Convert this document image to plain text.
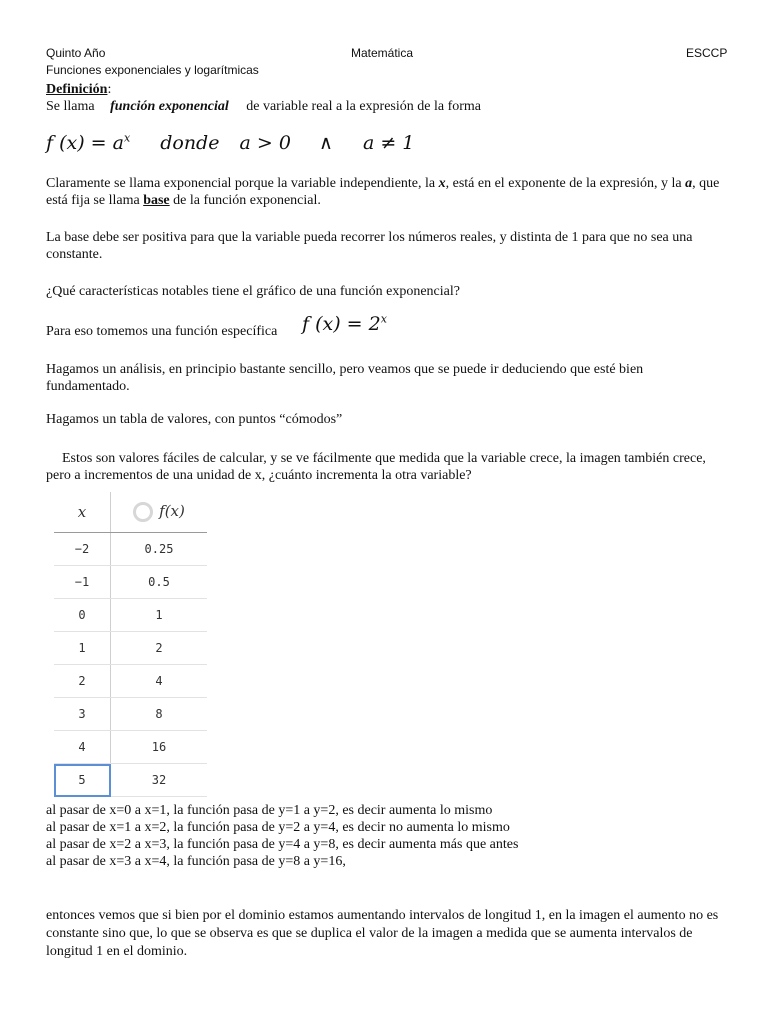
Quinto Año	Matemática	ESCCP
Funciones exponenciales y logarítmicas
Definición:
Se llama función exponencial de variable real a la expresión de la forma
f $(x) = a^x$ donde a > 0 ∧ a ≠ 1
Claramente se llama exponencial porque la variable independiente, la x, está en el exponente de la expresión, y la a, que está fija se llama base de la función exponencial.
La base debe ser positiva para que la variable pueda recorrer los números reales, y distinta de 1 para que no sea una constante.
¿Qué características notables tiene el gráfico de una función exponencial?
Para eso tomemos una función específica f $(x) = 2^x$
Hagamos un análisis, en principio bastante sencillo, pero veamos que se puede ir deduciendo que esté bien fundamentado.
Hagamos un tabla de valores, con puntos “cómodos”
Estos son valores fáciles de calcular, y se ve fácilmente que medida que la variable crece, la imagen también crece, pero a incrementos de una unidad de x, ¿cuánto incrementa la otra variable?
x	f(x)
−2	0.25
−1	0.5
0	1
1	2
2	4
3	8
4	16
5	32
al pasar de x=0 a x=1, la función pasa de y=1 a y=2, es decir aumenta lo mismo
al pasar de x=1 a x=2, la función pasa de y=2 a y=4, es decir no aumenta lo mismo
al pasar de x=2 a x=3, la función pasa de y=4 a y=8, es decir aumenta más que antes
al pasar de x=3 a x=4, la función pasa de y=8 a y=16,
entonces vemos que si bien por el dominio estamos aumentando intervalos de longitud 1, en la imagen el aumento no es constante sino que, lo que se observa es que se duplica el valor de la imagen a medida que se aumenta intervalos de longitud 1 en el dominio.
